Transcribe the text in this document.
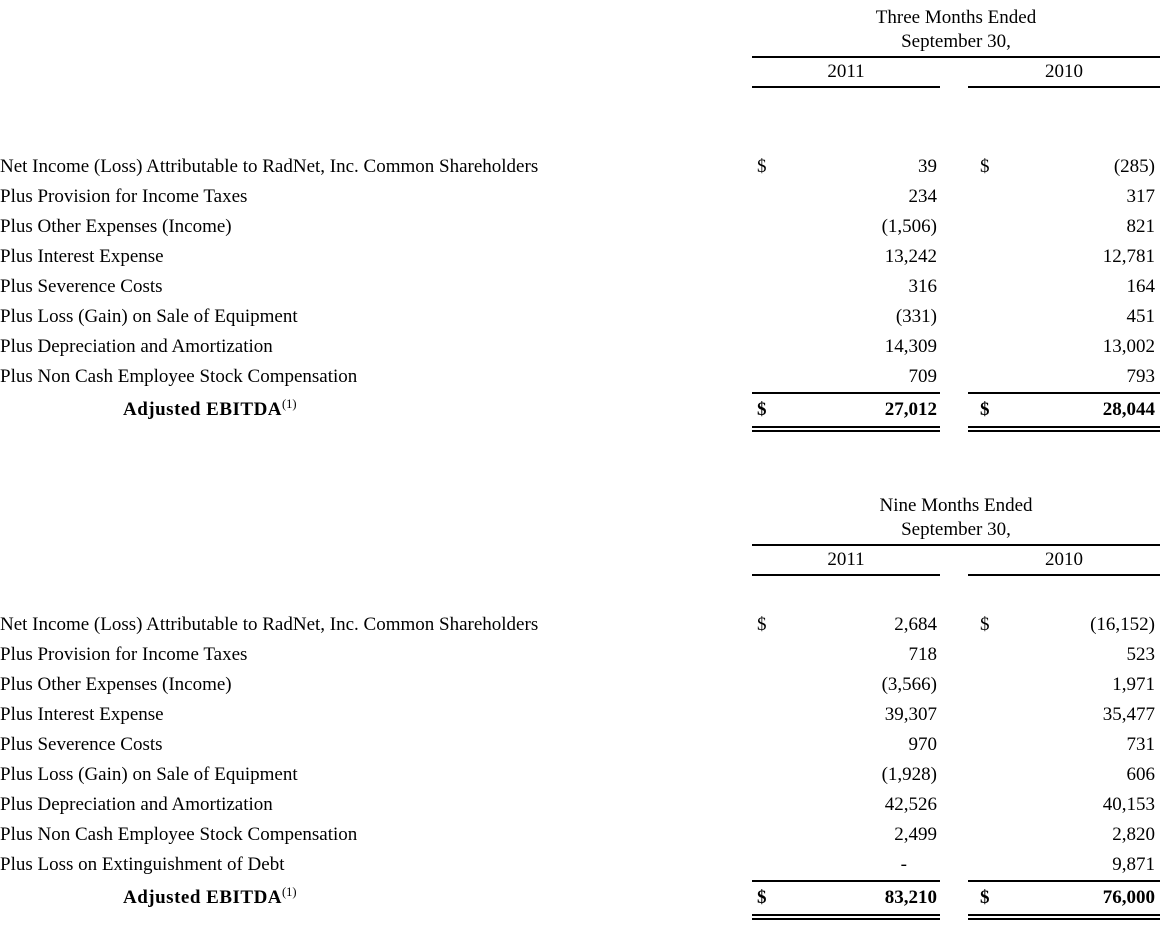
Three Months Ended
September 30,
2011	2010
Net Income (Loss) Attributable to RadNet, Inc. Common Shareholders	$	39 $	(285)
Plus Provision for Income Taxes	234	317
Plus Other Expenses (Income)	(1,506)	821
Plus Interest Expense	13,242	12,781
Plus Severence Costs	316	164
Plus Loss (Gain) on Sale of Equipment	(331)	451
Plus Depreciation and Amortization	14,309	13,002
Plus Non Cash Employee Stock Compensation	709	793
Adjusted EBITDA$^{(1)}$	$	27,012 $	28,044
Nine Months Ended
September 30,
2011	2010
Net Income (Loss) Attributable to RadNet, Inc. Common Shareholders	$	2,684 $	(16,152)
Plus Provision for Income Taxes	718	523
Plus Other Expenses (Income)	(3,566)	1,971
Plus Interest Expense	39,307	35,477
Plus Severence Costs	970	731
Plus Loss (Gain) on Sale of Equipment	(1,928)	606
Plus Depreciation and Amortization	42,526	40,153
Plus Non Cash Employee Stock Compensation	2,499	2,820
Plus Loss on Extinguishment of Debt	-	9,871
Adjusted EBITDA$^{(1)}$	$	83,210 $	76,000
